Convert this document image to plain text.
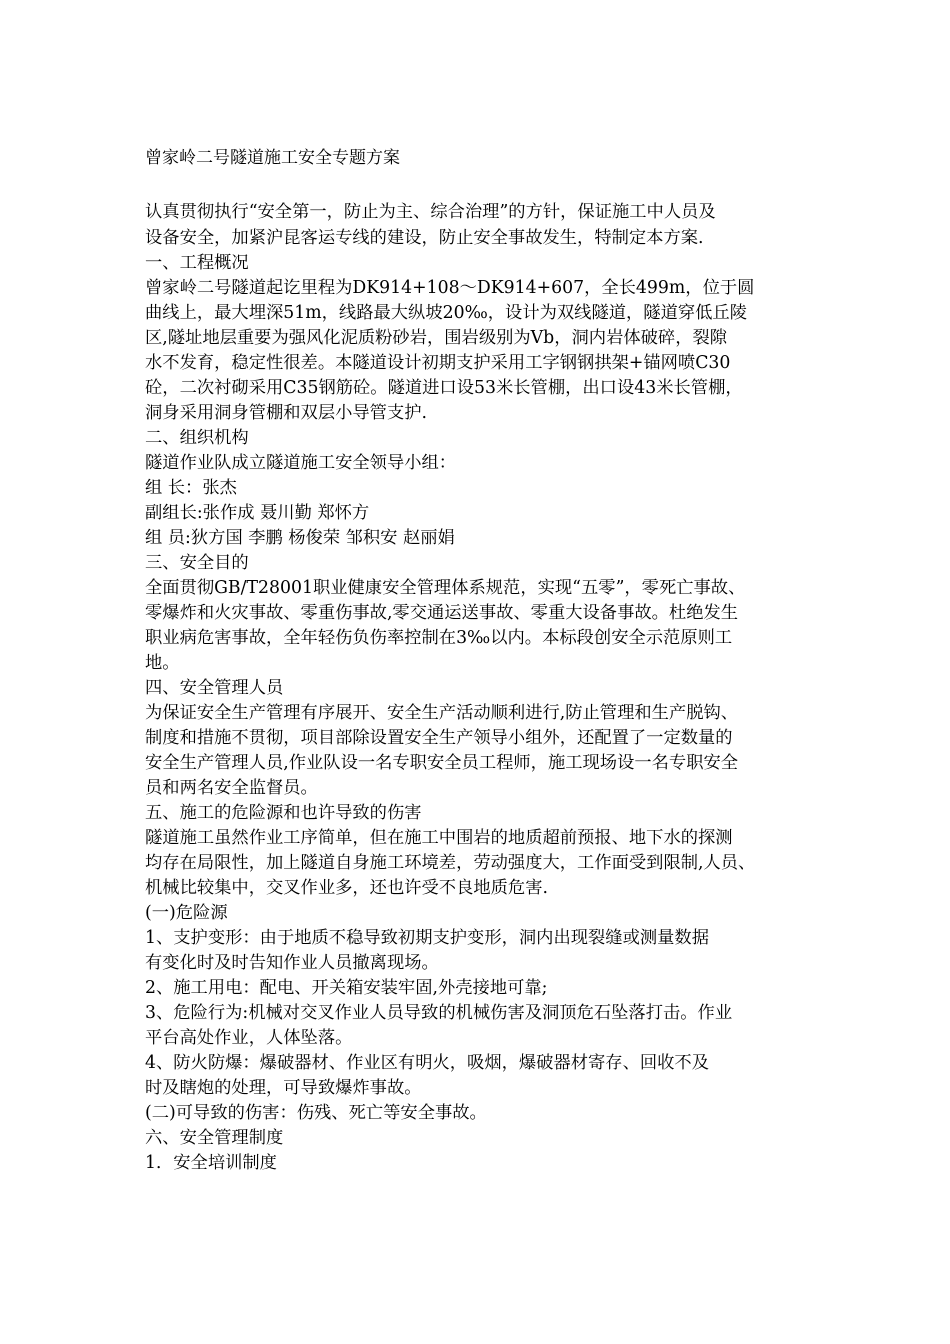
曾家岭二号隧道施工安全专题方案
认真贯彻执行“安全第一，防止为主、综合治理”的方针，保证施工中人员及
设备安全，加紧沪昆客运专线的建设，防止安全事故发生，特制定本方案.
一、工程概况
曾家岭二号隧道起讫里程为DK914+108～DK914+607，全长499m，位于圆
曲线上，最大埋深51m，线路最大纵坡20‰，设计为双线隧道，隧道穿低丘陵
区,隧址地层重要为强风化泥质粉砂岩，围岩级别为Ⅴb，洞内岩体破碎，裂隙
水不发育，稳定性很差。本隧道设计初期支护采用工字钢钢拱架+锚网喷C30
砼，二次衬砌采用C35钢筋砼。隧道进口设53米长管棚，出口设43米长管棚，
洞身采用洞身管棚和双层小导管支护.
二、组织机构
隧道作业队成立隧道施工安全领导小组：
组 长：张杰
副组长:张作成 聂川勤 郑怀方
组 员:狄方国 李鹏 杨俊荣 邹积安 赵丽娟
三、安全目的
全面贯彻GB/T28001职业健康安全管理体系规范，实现“五零”，零死亡事故、
零爆炸和火灾事故、零重伤事故,零交通运送事故、零重大设备事故。杜绝发生
职业病危害事故，全年轻伤负伤率控制在3‰以内。本标段创安全示范原则工
地。
四、安全管理人员
为保证安全生产管理有序展开、安全生产活动顺利进行,防止管理和生产脱钩、
制度和措施不贯彻，项目部除设置安全生产领导小组外，还配置了一定数量的
安全生产管理人员,作业队设一名专职安全员工程师，施工现场设一名专职安全
员和两名安全监督员。
五、施工的危险源和也许导致的伤害
隧道施工虽然作业工序简单，但在施工中围岩的地质超前预报、地下水的探测
均存在局限性，加上隧道自身施工环境差，劳动强度大，工作面受到限制,人员、
机械比较集中，交叉作业多，还也许受不良地质危害.
(一)危险源
1、支护变形：由于地质不稳导致初期支护变形，洞内出现裂缝或测量数据
有变化时及时告知作业人员撤离现场。
2、施工用电：配电、开关箱安装牢固,外壳接地可靠;
3、危险行为:机械对交叉作业人员导致的机械伤害及洞顶危石坠落打击。作业
平台高处作业，人体坠落。
4、防火防爆：爆破器材、作业区有明火，吸烟，爆破器材寄存、回收不及
时及瞎炮的处理，可导致爆炸事故。
(二)可导致的伤害：伤残、死亡等安全事故。
六、安全管理制度
1．安全培训制度
